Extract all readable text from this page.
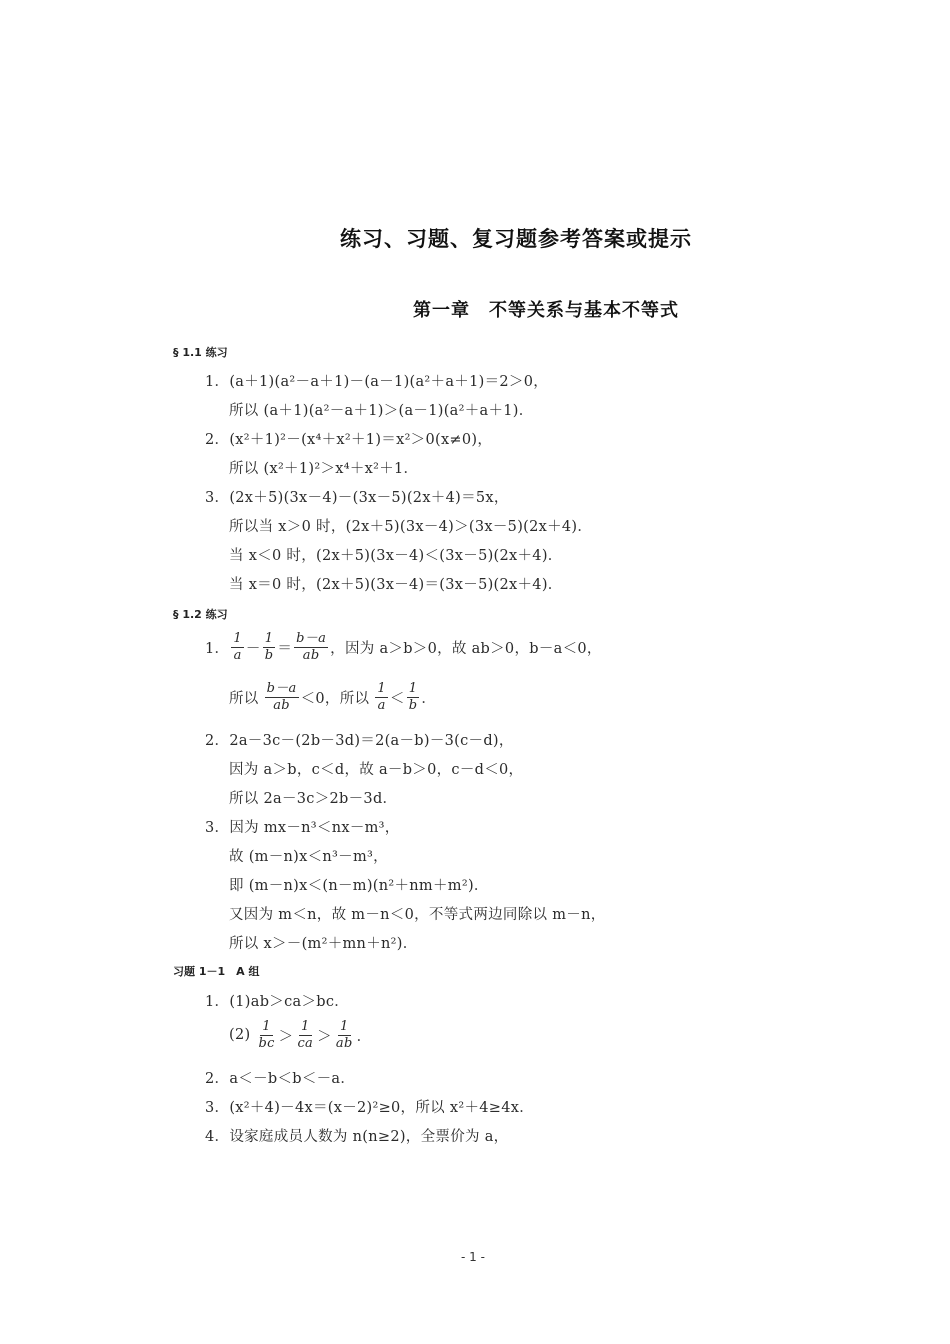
练习、习题、复习题参考答案或提示
第一章　不等关系与基本不等式
§ 1.1 练习
1．(a＋1)(a²－a＋1)－(a－1)(a²＋a＋1)＝2＞0，
所以 (a＋1)(a²－a＋1)＞(a－1)(a²＋a＋1)．
2．(x²＋1)²－(x⁴＋x²＋1)＝x²＞0(x≠0)，
所以 (x²＋1)²＞x⁴＋x²＋1．
3．(2x＋5)(3x－4)－(3x－5)(2x＋4)＝5x，
所以当 x＞0 时，(2x＋5)(3x－4)＞(3x－5)(2x＋4)．
当 x＜0 时，(2x＋5)(3x－4)＜(3x－5)(2x＋4)．
当 x＝0 时，(2x＋5)(3x－4)＝(3x－5)(2x＋4)．
§ 1.2 练习
1． $\frac{1}{a} - \frac{1}{b} = \frac{b-a}{ab}$ ，因为 a＞b＞0，故 ab＞0，b－a＜0，
所以 $\frac{b-a}{ab} <0$，所以 $\frac{1}{a} < \frac{1}{b}$ ．
2．2a－3c－(2b－3d)＝2(a－b)－3(c－d)，
因为 a＞b，c＜d，故 a－b＞0，c－d＜0，
所以 2a－3c＞2b－3d．
3．因为 mx－n³＜nx－m³，
故 (m－n)x＜n³－m³，
即 (m－n)x＜(n－m)(n²＋nm＋m²)．
又因为 m＜n，故 m－n＜0，不等式两边同除以 m－n，
所以 x＞－(m²＋mn＋n²)．
习题 1－1　A 组
1．(1)ab＞ca＞bc．
$(2) \frac{1}{bc} > \frac{1}{ca} > \frac{1}{ab}$ ．
2．a＜－b＜b＜－a．
3．(x²＋4)－4x＝(x－2)²≥0，所以 x²＋4≥4x．
4．设家庭成员人数为 n(n≥2)，全票价为 a，
- 1 -
